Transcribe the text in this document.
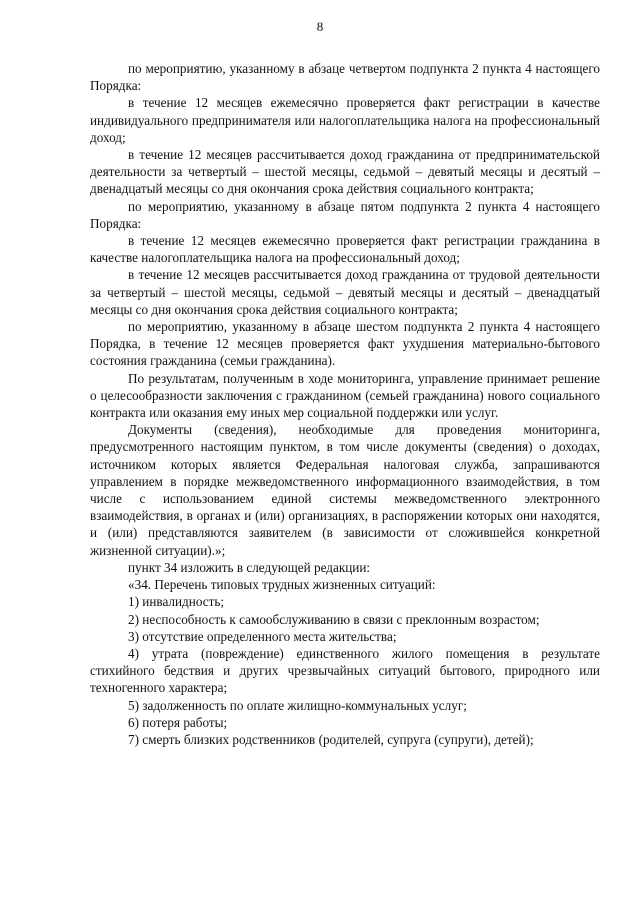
8

по мероприятию, указанному в абзаце четвертом подпункта 2 пункта 4 настоящего Порядка:

в течение 12 месяцев ежемесячно проверяется факт регистрации в качестве индивидуального предпринимателя или налогоплательщика налога на профессиональный доход;

в течение 12 месяцев рассчитывается доход гражданина от предпринимательской деятельности за четвертый – шестой месяцы, седьмой – девятый месяцы и десятый – двенадцатый месяцы со дня окончания срока действия социального контракта;

по мероприятию, указанному в абзаце пятом подпункта 2 пункта 4 настоящего Порядка:

в течение 12 месяцев ежемесячно проверяется факт регистрации гражданина в качестве налогоплательщика налога на профессиональный доход;

в течение 12 месяцев рассчитывается доход гражданина от трудовой деятельности за четвертый – шестой месяцы, седьмой – девятый месяцы и десятый – двенадцатый месяцы со дня окончания срока действия социального контракта;

по мероприятию, указанному в абзаце шестом подпункта 2 пункта 4 настоящего Порядка, в течение 12 месяцев проверяется факт ухудшения материально-бытового состояния гражданина (семьи гражданина).

По результатам, полученным в ходе мониторинга, управление принимает решение о целесообразности заключения с гражданином (семьей гражданина) нового социального контракта или оказания ему иных мер социальной поддержки или услуг.

Документы (сведения), необходимые для проведения мониторинга, предусмотренного настоящим пунктом, в том числе документы (сведения) о доходах, источником которых является Федеральная налоговая служба, запрашиваются управлением в порядке межведомственного информационного взаимодействия, в том числе с использованием единой системы межведомственного электронного взаимодействия, в органах и (или) организациях, в распоряжении которых они находятся, и (или) представляются заявителем (в зависимости от сложившейся конкретной жизненной ситуации).»;

пункт 34 изложить в следующей редакции:

«34. Перечень типовых трудных жизненных ситуаций:

1) инвалидность;

2) неспособность к самообслуживанию в связи с преклонным возрастом;

3) отсутствие определенного места жительства;

4) утрата (повреждение) единственного жилого помещения в результате стихийного бедствия и других чрезвычайных ситуаций бытового, природного или техногенного характера;

5) задолженность по оплате жилищно-коммунальных услуг;

6) потеря работы;

7) смерть близких родственников (родителей, супруга (супруги), детей);
